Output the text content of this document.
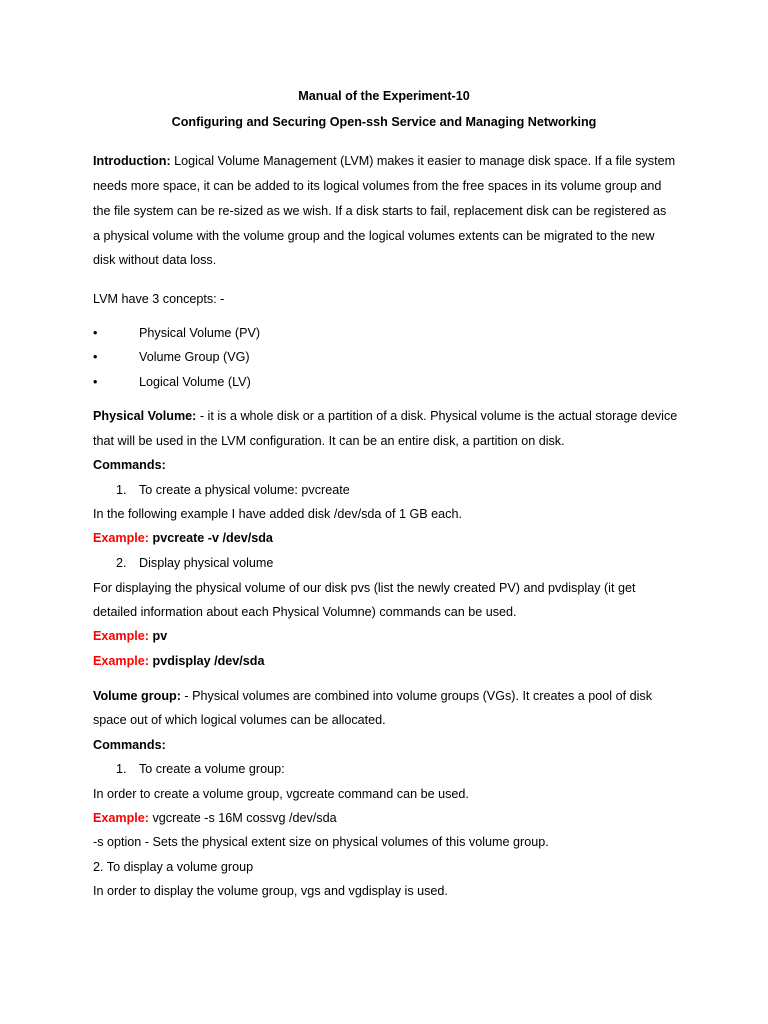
Manual of the Experiment-10
Configuring and Securing Open-ssh Service and Managing Networking
Introduction: Logical Volume Management (LVM) makes it easier to manage disk space. If a file system
needs more space, it can be added to its logical volumes from the free spaces in its volume group and
the file system can be re-sized as we wish. If a disk starts to fail, replacement disk can be registered as
a physical volume with the volume group and the logical volumes extents can be migrated to the new
disk without data loss.
LVM have 3 concepts: -
•	Physical Volume (PV)
•	Volume Group (VG)
•	Logical Volume (LV)
Physical Volume: - it is a whole disk or a partition of a disk. Physical volume is the actual storage device
that will be used in the LVM configuration. It can be an entire disk, a partition on disk.
Commands:
1. To create a physical volume: pvcreate
In the following example I have added disk /dev/sda of 1 GB each.
Example: pvcreate -v /dev/sda
2. Display physical volume
For displaying the physical volume of our disk pvs (list the newly created PV) and pvdisplay (it get
detailed information about each Physical Volumne) commands can be used.
Example: pv
Example: pvdisplay /dev/sda
Volume group: - Physical volumes are combined into volume groups (VGs). It creates a pool of disk
space out of which logical volumes can be allocated.
Commands:
1. To create a volume group:
In order to create a volume group, vgcreate command can be used.
Example: vgcreate -s 16M cossvg /dev/sda
-s option - Sets the physical extent size on physical volumes of this volume group.
2. To display a volume group
In order to display the volume group, vgs and vgdisplay is used.
